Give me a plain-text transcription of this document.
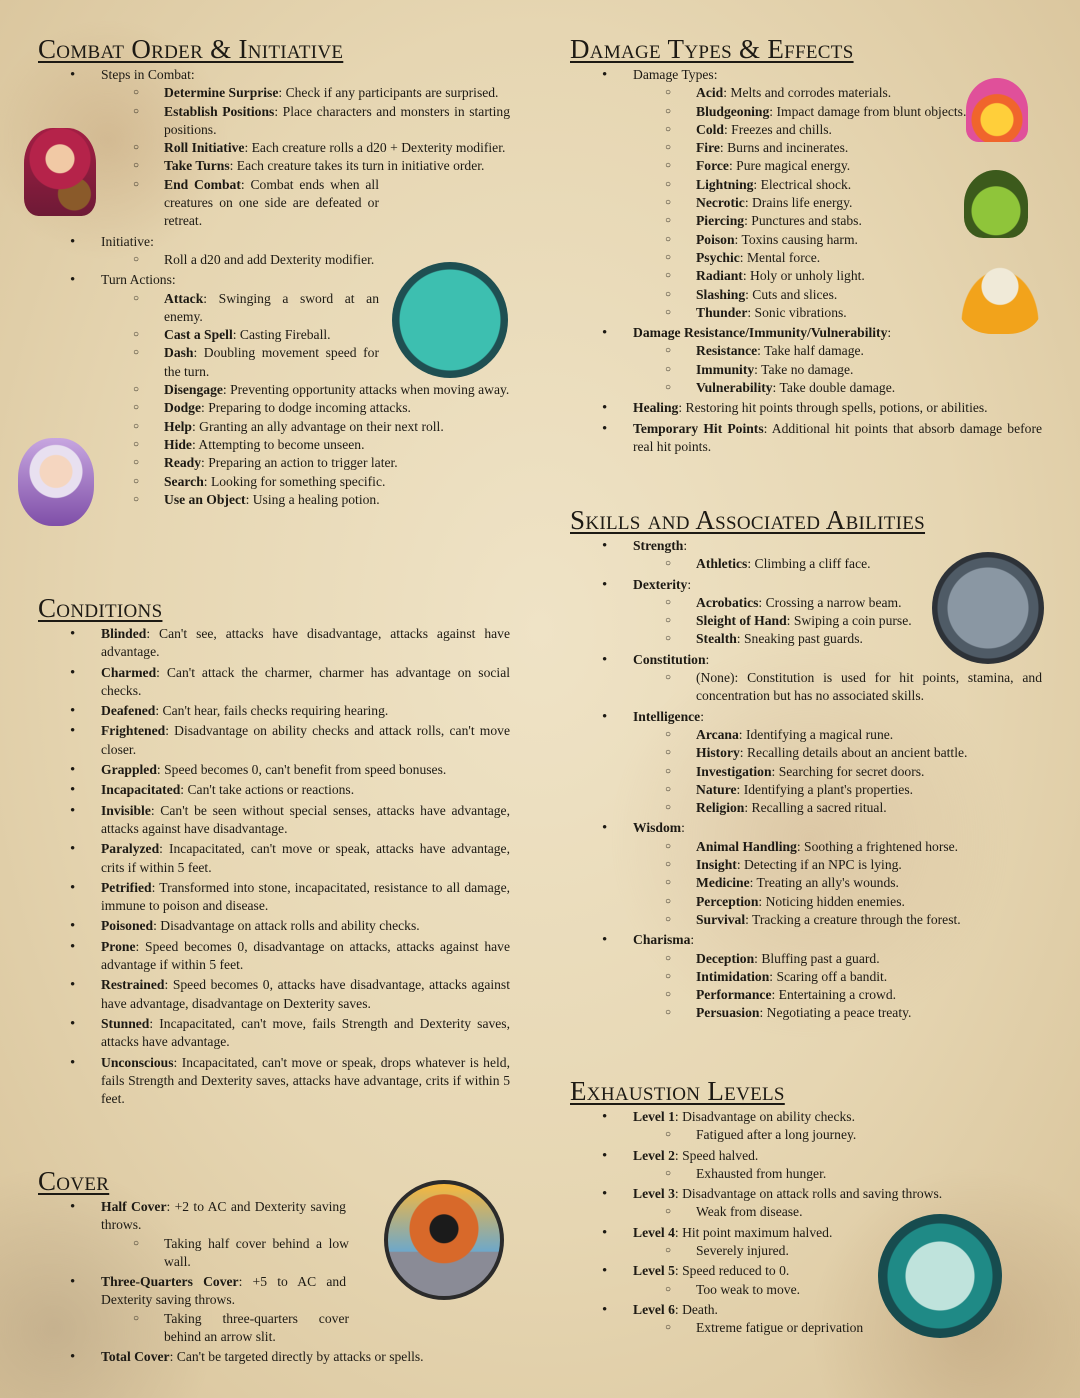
Combat Order & Initiative
• Steps in Combat:
○ Determine Surprise: Check if any participants are surprised.
○ Establish Positions: Place characters and monsters in starting positions.
○ Roll Initiative: Each creature rolls a d20 + Dexterity modifier.
○ Take Turns: Each creature takes its turn in initiative order.
○ End Combat: Combat ends when all creatures on one side are defeated or retreat.
• Initiative:
○ Roll a d20 and add Dexterity modifier.
• Turn Actions:
○ Attack: Swinging a sword at an enemy.
○ Cast a Spell: Casting Fireball.
○ Dash: Doubling movement speed for the turn.
○ Disengage: Preventing opportunity attacks when moving away.
○ Dodge: Preparing to dodge incoming attacks.
○ Help: Granting an ally advantage on their next roll.
○ Hide: Attempting to become unseen.
○ Ready: Preparing an action to trigger later.
○ Search: Looking for something specific.
○ Use an Object: Using a healing potion.
Conditions
• Blinded: Can't see, attacks have disadvantage, attacks against have advantage.
• Charmed: Can't attack the charmer, charmer has advantage on social checks.
• Deafened: Can't hear, fails checks requiring hearing.
• Frightened: Disadvantage on ability checks and attack rolls, can't move closer.
• Grappled: Speed becomes 0, can't benefit from speed bonuses.
• Incapacitated: Can't take actions or reactions.
• Invisible: Can't be seen without special senses, attacks have advantage, attacks against have disadvantage.
• Paralyzed: Incapacitated, can't move or speak, attacks have advantage, crits if within 5 feet.
• Petrified: Transformed into stone, incapacitated, resistance to all damage, immune to poison and disease.
• Poisoned: Disadvantage on attack rolls and ability checks.
• Prone: Speed becomes 0, disadvantage on attacks, attacks against have advantage if within 5 feet.
• Restrained: Speed becomes 0, attacks have disadvantage, attacks against have advantage, disadvantage on Dexterity saves.
• Stunned: Incapacitated, can't move, fails Strength and Dexterity saves, attacks have advantage.
• Unconscious: Incapacitated, can't move or speak, drops whatever is held, fails Strength and Dexterity saves, attacks have advantage, crits if within 5 feet.
Cover
• Half Cover: +2 to AC and Dexterity saving throws.
○ Taking half cover behind a low wall.
• Three-Quarters Cover: +5 to AC and Dexterity saving throws.
○ Taking three-quarters cover behind an arrow slit.
• Total Cover: Can't be targeted directly by attacks or spells.
Damage Types & Effects
• Damage Types:
○ Acid: Melts and corrodes materials.
○ Bludgeoning: Impact damage from blunt objects.
○ Cold: Freezes and chills.
○ Fire: Burns and incinerates.
○ Force: Pure magical energy.
○ Lightning: Electrical shock.
○ Necrotic: Drains life energy.
○ Piercing: Punctures and stabs.
○ Poison: Toxins causing harm.
○ Psychic: Mental force.
○ Radiant: Holy or unholy light.
○ Slashing: Cuts and slices.
○ Thunder: Sonic vibrations.
• Damage Resistance/Immunity/Vulnerability:
○ Resistance: Take half damage.
○ Immunity: Take no damage.
○ Vulnerability: Take double damage.
• Healing: Restoring hit points through spells, potions, or abilities.
• Temporary Hit Points: Additional hit points that absorb damage before real hit points.
Skills and Associated Abilities
• Strength:
○ Athletics: Climbing a cliff face.
• Dexterity:
○ Acrobatics: Crossing a narrow beam.
○ Sleight of Hand: Swiping a coin purse.
○ Stealth: Sneaking past guards.
• Constitution:
○ (None): Constitution is used for hit points, stamina, and concentration but has no associated skills.
• Intelligence:
○ Arcana: Identifying a magical rune.
○ History: Recalling details about an ancient battle.
○ Investigation: Searching for secret doors.
○ Nature: Identifying a plant's properties.
○ Religion: Recalling a sacred ritual.
• Wisdom:
○ Animal Handling: Soothing a frightened horse.
○ Insight: Detecting if an NPC is lying.
○ Medicine: Treating an ally's wounds.
○ Perception: Noticing hidden enemies.
○ Survival: Tracking a creature through the forest.
• Charisma:
○ Deception: Bluffing past a guard.
○ Intimidation: Scaring off a bandit.
○ Performance: Entertaining a crowd.
○ Persuasion: Negotiating a peace treaty.
Exhaustion Levels
• Level 1: Disadvantage on ability checks.
○ Fatigued after a long journey.
• Level 2: Speed halved.
○ Exhausted from hunger.
• Level 3: Disadvantage on attack rolls and saving throws.
○ Weak from disease.
• Level 4: Hit point maximum halved.
○ Severely injured.
• Level 5: Speed reduced to 0.
○ Too weak to move.
• Level 6: Death.
○ Extreme fatigue or deprivation
